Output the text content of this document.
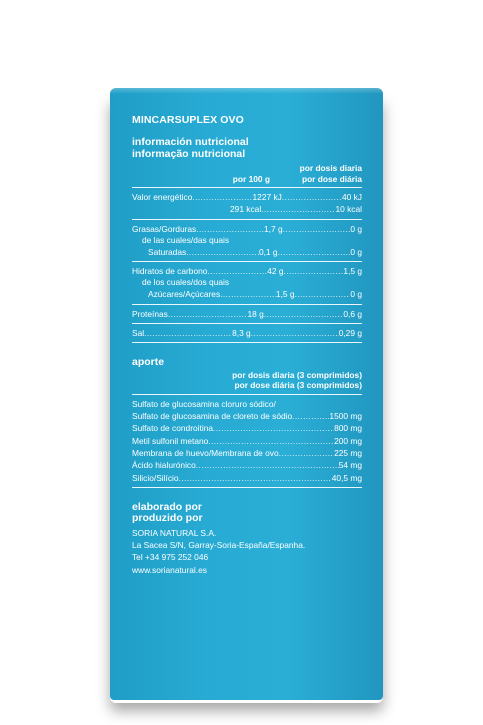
MINCARSUPLEX OVO
información nutricional
informação nutricional
por dosis diaria
por 100 g	por dose diária
Valor energético .....	1227 kJ .....	40 kJ
291 kcal .....	10 kcal
Grasas/Gorduras .....	1,7 g .....	0 g
de las cuales/das quais
Saturadas .....	0,1 g .....	0 g
Hidratos de carbono .....	42 g .....	1,5 g
de los cuales/dos quais
Azúcares/Açúcares .....	1,5 g .....	0 g
Proteínas .....	18 g .....	0,6 g
Sal .....	8,3 g .....	0,29 g
aporte
por dosis diaria (3 comprimidos)
por dose diária (3 comprimidos)
Sulfato de glucosamina cloruro sódico/
Sulfato de glucosamina de cloreto de sódio .....	1500 mg
Sulfato de condroitina .....	800 mg
Metil sulfonil metano .....	200 mg
Membrana de huevo/Membrana de ovo .....	225 mg
Ácido hialurónico .....	54 mg
Silicio/Silício .....	40,5 mg
elaborado por
produzido por
SORIA NATURAL S.A.
La Sacea S/N, Garray-Soria-España/Espanha.
Tel +34 975 252 046
www.sorianatural.es
